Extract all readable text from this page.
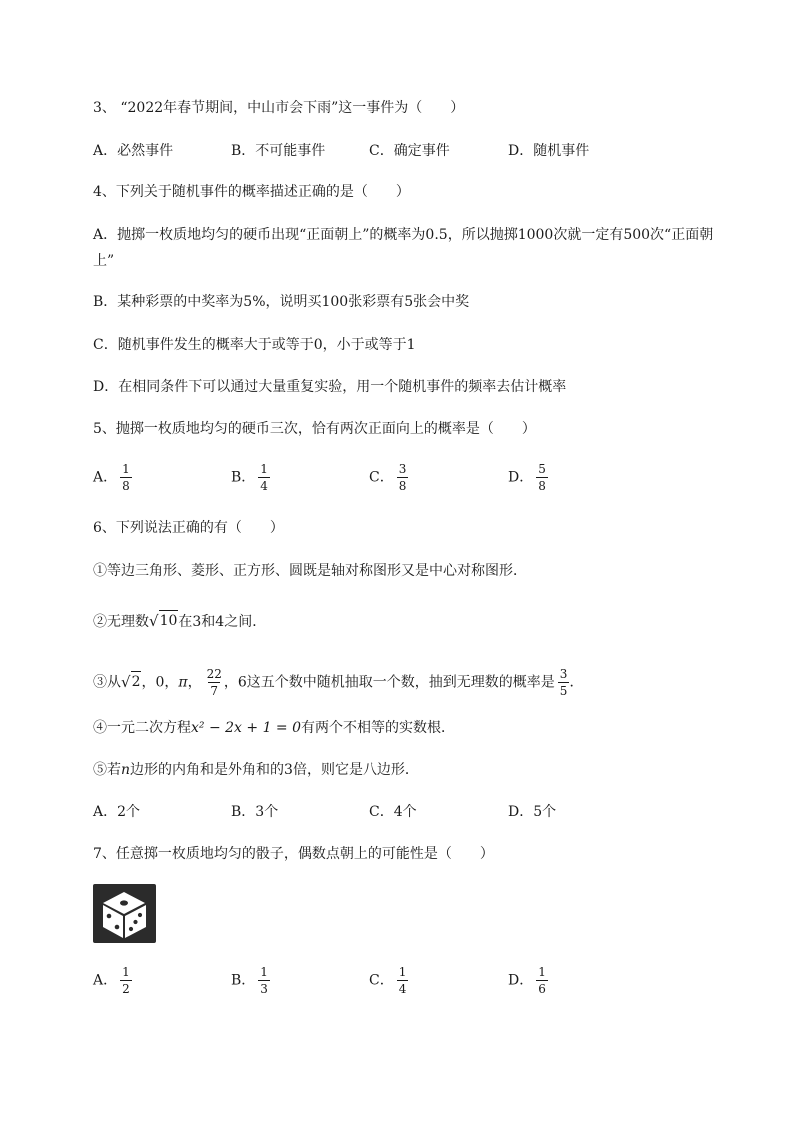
3、 “2022年春节期间，中山市会下雨”这一事件为（　　）
A．必然事件	B．不可能事件	C．确定事件	D．随机事件
4、下列关于随机事件的概率描述正确的是（　　）
A．抛掷一枚质地均匀的硬币出现“正面朝上”的概率为0.5，所以抛掷1000次就一定有500次“正面朝上”
B．某种彩票的中奖率为5%，说明买100张彩票有5张会中奖
C．随机事件发生的概率大于或等于0，小于或等于1
D．在相同条件下可以通过大量重复实验，用一个随机事件的频率去估计概率
5、抛掷一枚质地均匀的硬币三次，恰有两次正面向上的概率是（　　）
A． $\frac{1}{8}$	B． $\frac{1}{4}$	C． $\frac{3}{8}$	D． $\frac{5}{8}$
6、下列说法正确的有（　　）
①等边三角形、菱形、正方形、圆既是轴对称图形又是中心对称图形．
②无理数 √ 10 在3和4之间．
③从 √ 2 ，0，π， $\frac{22}{7}$ ，6这五个数中随机抽取一个数，抽到无理数的概率是 $\frac{3}{5}$ ．
④一元二次方程x² − 2x + 1 = 0有两个不相等的实数根．
⑤若n边形的内角和是外角和的3倍，则它是八边形．
A．2个	B．3个	C．4个	D．5个
7、任意掷一枚质地均匀的骰子，偶数点朝上的可能性是（　　）
A． $\frac{1}{2}$	B． $\frac{1}{3}$	C． $\frac{1}{4}$	D． $\frac{1}{6}$
